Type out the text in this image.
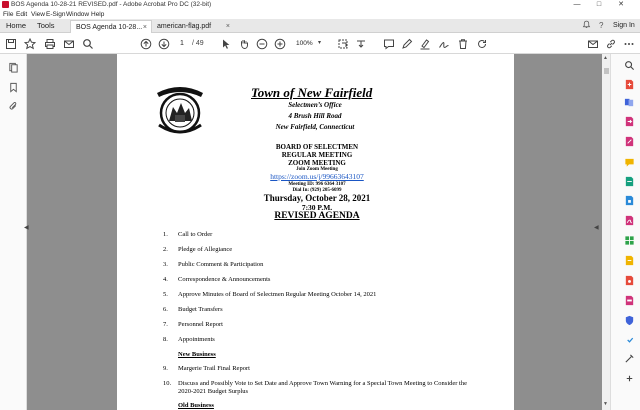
BOS Agenda 10-28-21 REVISED.pdf - Adobe Acrobat Pro DC (32-bit)	—	□	✕
File Edit View E-Sign Window Help
Home	Tools	BOS Agenda 10-28... ×	american-flag.pdf ×	? Sign In
1	/ 49	100% ▾
◀	◀
Town of New Fairfield
Selectmen’s Office
4 Brush Hill Road
New Fairfield, Connecticut
BOARD OF SELECTMEN
REGULAR MEETING
ZOOM MEETING
Join Zoom Meeting
https://zoom.us/j/99663643107
Meeting ID: 996 6364 3107
Dial In: (929) 205-6099
Thursday, October 28, 2021
7:30 P.M.
REVISED AGENDA
1.	Call to Order
2.	Pledge of Allegiance
3.	Public Comment & Participation
4.	Correspondence & Announcements
5.	Approve Minutes of Board of Selectmen Regular Meeting October 14, 2021
6.	Budget Transfers
7.	Personnel Report
8.	Appointments
New Business
9.	Margerie Trail Final Report
10.	Discuss and Possibly Vote to Set Date and Approve Town Warning for a Special Town Meeting to Consider the
2020-2021 Budget Surplus
Old Business
▲
▼
